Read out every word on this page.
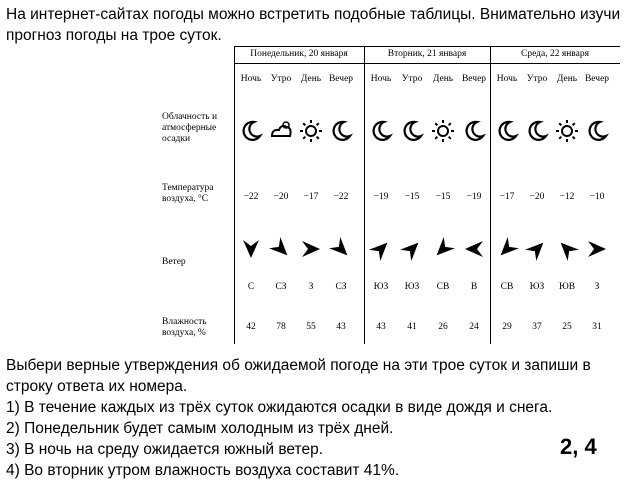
На интернет-сайтах погоды можно встретить подобные таблицы. Внимательно изучи прогноз погоды на трое суток.
Облачность и атмосферные осадки
Температура воздуха, °С
Ветер
Влажность воздуха, %
Понедельник, 20 января
Ночь
−22
С
42
Утро
−20
СЗ
78
День
−17
З
55
Вечер
−22
СЗ
43
Вторник, 21 января
Ночь
−19
ЮЗ
43
Утро
−15
ЮЗ
41
День
−15
СВ
26
Вечер
−19
В
24
Среда, 22 января
Ночь
−17
СВ
29
Утро
−20
ЮЗ
37
День
−12
ЮВ
25
Вечер
−10
З
31

Выбери верные утверждения об ожидаемой погоде на эти трое суток и запиши в строку ответа их номера.

1) В течение каждых из трёх суток ожидаются осадки в виде дождя и снега.

2) Понедельник будет самым холодным из трёх дней.

3) В ночь на среду ожидается южный ветер.

4) Во вторник утром влажность воздуха составит 41%.

2, 4
